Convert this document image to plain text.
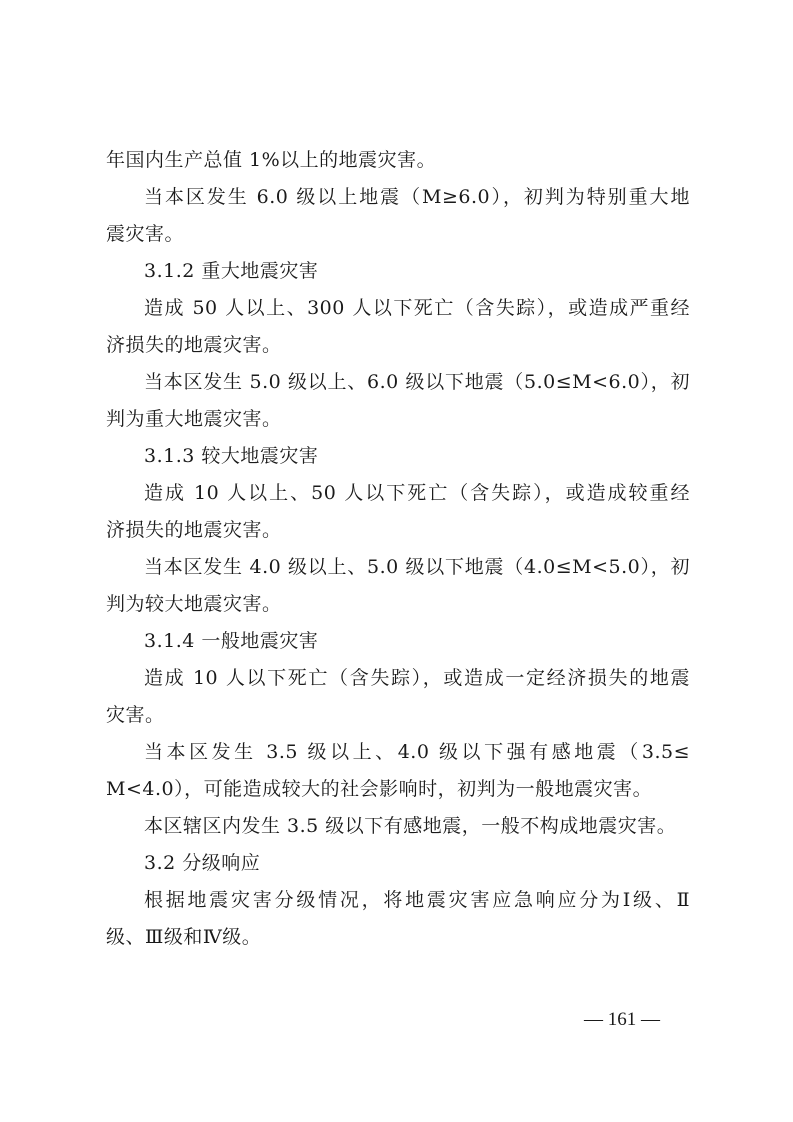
年国内生产总值 1%以上的地震灾害。
当本区发生 6.0 级以上地震（M≥6.0），初判为特别重大地
震灾害。
3.1.2 重大地震灾害
造成 50 人以上、300 人以下死亡（含失踪），或造成严重经
济损失的地震灾害。
当本区发生 5.0 级以上、6.0 级以下地震（5.0≤M<6.0），初
判为重大地震灾害。
3.1.3 较大地震灾害
造成 10 人以上、50 人以下死亡（含失踪），或造成较重经
济损失的地震灾害。
当本区发生 4.0 级以上、5.0 级以下地震（4.0≤M<5.0），初
判为较大地震灾害。
3.1.4 一般地震灾害
造成 10 人以下死亡（含失踪），或造成一定经济损失的地震
灾害。
当本区发生 3.5 级以上、4.0 级以下强有感地震（3.5≤
M<4.0），可能造成较大的社会影响时，初判为一般地震灾害。
本区辖区内发生 3.5 级以下有感地震，一般不构成地震灾害。
3.2 分级响应
根据地震灾害分级情况，将地震灾害应急响应分为Ⅰ级、Ⅱ
级、Ⅲ级和Ⅳ级。
— 161 —
